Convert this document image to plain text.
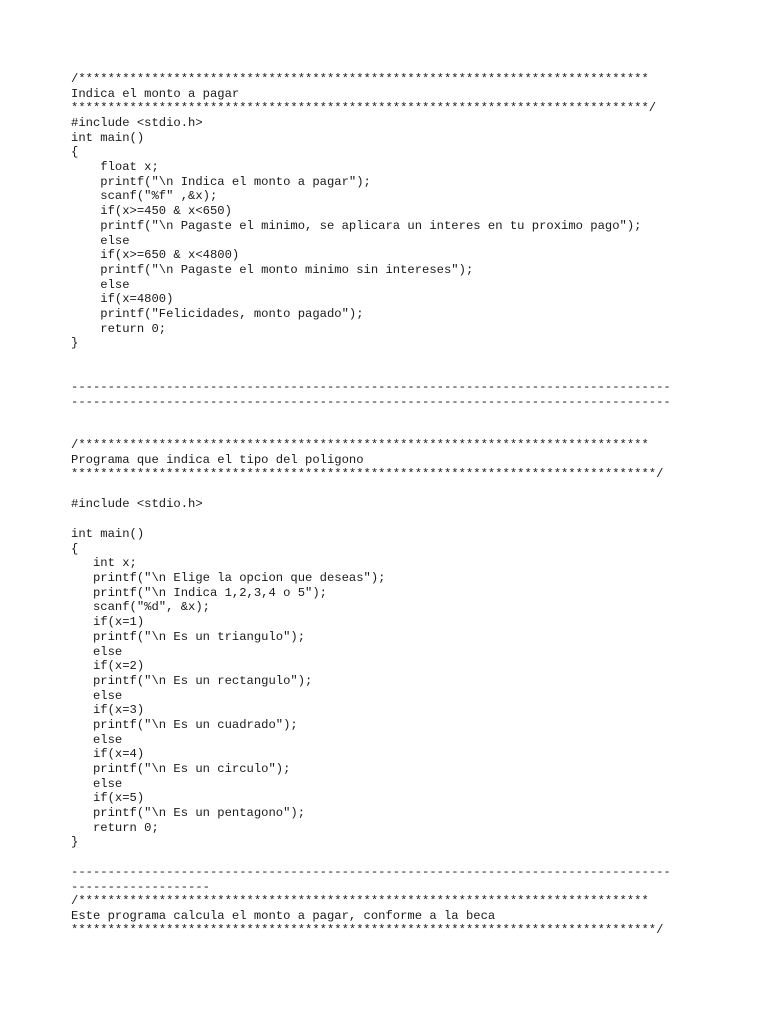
/******************************************************************************
Indica el monto a pagar
*******************************************************************************/
#include <stdio.h>
int main()
{
float x;
printf("\n Indica el monto a pagar");
scanf("%f" ,&x);
if(x>=450 & x<650)
printf("\n Pagaste el minimo, se aplicara un interes en tu proximo pago");
else
if(x>=650 & x<4800)
printf("\n Pagaste el monto minimo sin intereses");
else
if(x=4800)
printf("Felicidades, monto pagado");
return 0;
}
----------------------------------------------------------------------------------
----------------------------------------------------------------------------------
/******************************************************************************
Programa que indica el tipo del poligono
********************************************************************************/
#include <stdio.h>
int main()
{
int x;
printf("\n Elige la opcion que deseas");
printf("\n Indica 1,2,3,4 o 5");
scanf("%d", &x);
if(x=1)
printf("\n Es un triangulo");
else
if(x=2)
printf("\n Es un rectangulo");
else
if(x=3)
printf("\n Es un cuadrado");
else
if(x=4)
printf("\n Es un circulo");
else
if(x=5)
printf("\n Es un pentagono");
return 0;
}
----------------------------------------------------------------------------------
-------------------
/******************************************************************************
Este programa calcula el monto a pagar, conforme a la beca
********************************************************************************/
